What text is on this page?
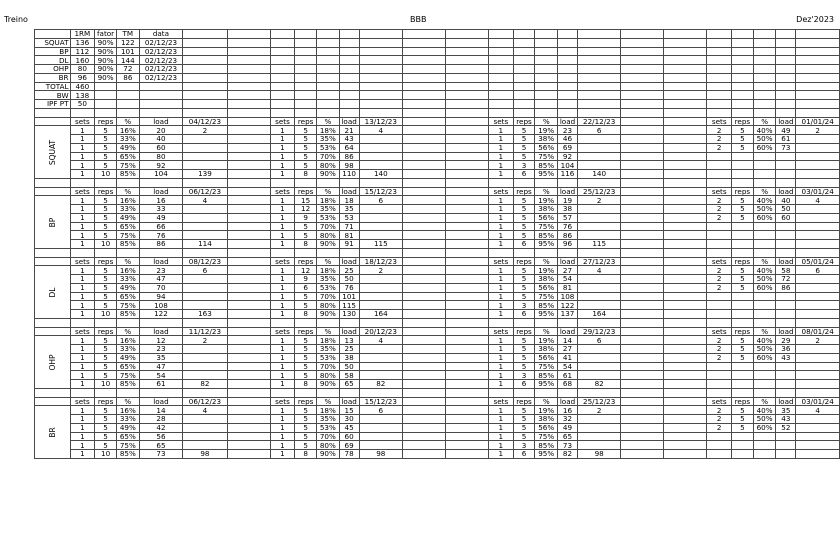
Treino	BBB	Dez'2023
	1RM	fator	TM	data																					
SQUAT	136	90%	122	02/12/23																					
BP	112	90%	101	02/12/23																					
DL	160	90%	144	02/12/23																					
OHP	80	90%	72	02/12/23																					
BR	96	90%	86	02/12/23																					
TOTAL	460																								
BW	138																								
IPF PT	50																								

	sets	reps	%	load	04/12/23		sets	reps	%	load	13/12/23			sets	reps	%	load	22/12/23			sets	reps	%	load	01/01/24

SQUAT	1	5	16%	20	2		1	5	18%	21	4			1	5	19%	23	6			2	5	40%	49	2
	1	5	33%	40			1	5	35%	43				1	5	38%	46				2	5	50%	61	
	1	5	49%	60			1	5	53%	64				1	5	56%	69				2	5	60%	73	
	1	5	65%	80			1	5	70%	86				1	5	75%	92								
	1	5	75%	92			1	5	80%	98				1	3	85%	104								
	1	10	85%	104	139		1	8	90%	110	140			1	6	95%	116	140							

	sets	reps	%	load	06/12/23		sets	reps	%	load	15/12/23			sets	reps	%	load	25/12/23			sets	reps	%	load	03/01/24

BP	1	5	16%	16	4		1	15	18%	18	6			1	5	19%	19	2			2	5	40%	40	4
	1	5	33%	33			1	12	35%	35				1	5	38%	38				2	5	50%	50	
	1	5	49%	49			1	9	53%	53				1	5	56%	57				2	5	60%	60	
	1	5	65%	66			1	5	70%	71				1	5	75%	76								
	1	5	75%	76			1	5	80%	81				1	5	85%	86								
	1	10	85%	86	114		1	8	90%	91	115			1	6	95%	96	115							

	sets	reps	%	load	08/12/23		sets	reps	%	load	18/12/23			sets	reps	%	load	27/12/23			sets	reps	%	load	05/01/24

DL	1	5	16%	23	6		1	12	18%	25	2			1	5	19%	27	4			2	5	40%	58	6
	1	5	33%	47			1	9	35%	50				1	5	38%	54				2	5	50%	72	
	1	5	49%	70			1	6	53%	76				1	5	56%	81				2	5	60%	86	
	1	5	65%	94			1	5	70%	101				1	5	75%	108								
	1	5	75%	108			1	5	80%	115				1	3	85%	122								
	1	10	85%	122	163		1	8	90%	130	164			1	6	95%	137	164							

	sets	reps	%	load	11/12/23		sets	reps	%	load	20/12/23			sets	reps	%	load	29/12/23			sets	reps	%	load	08/01/24

OHP	1	5	16%	12	2		1	5	18%	13	4			1	5	19%	14	6			2	5	40%	29	2
	1	5	33%	23			1	5	35%	25				1	5	38%	27				2	5	50%	36	
	1	5	49%	35			1	5	53%	38				1	5	56%	41				2	5	60%	43	
	1	5	65%	47			1	5	70%	50				1	5	75%	54								
	1	5	75%	54			1	5	80%	58				1	3	85%	61								
	1	10	85%	61	82		1	8	90%	65	82			1	6	95%	68	82							

	sets	reps	%	load	06/12/23		sets	reps	%	load	15/12/23			sets	reps	%	load	25/12/23			sets	reps	%	load	03/01/24

BR	1	5	16%	14	4		1	5	18%	15	6			1	5	19%	16	2			2	5	40%	35	4
	1	5	33%	28			1	5	35%	30				1	5	38%	32				2	5	50%	43	
	1	5	49%	42			1	5	53%	45				1	5	56%	49				2	5	60%	52	
	1	5	65%	56			1	5	70%	60				1	5	75%	65								
	1	5	75%	65			1	5	80%	69				1	3	85%	73								
	1	10	85%	73	98		1	8	90%	78	98			1	6	95%	82	98							
